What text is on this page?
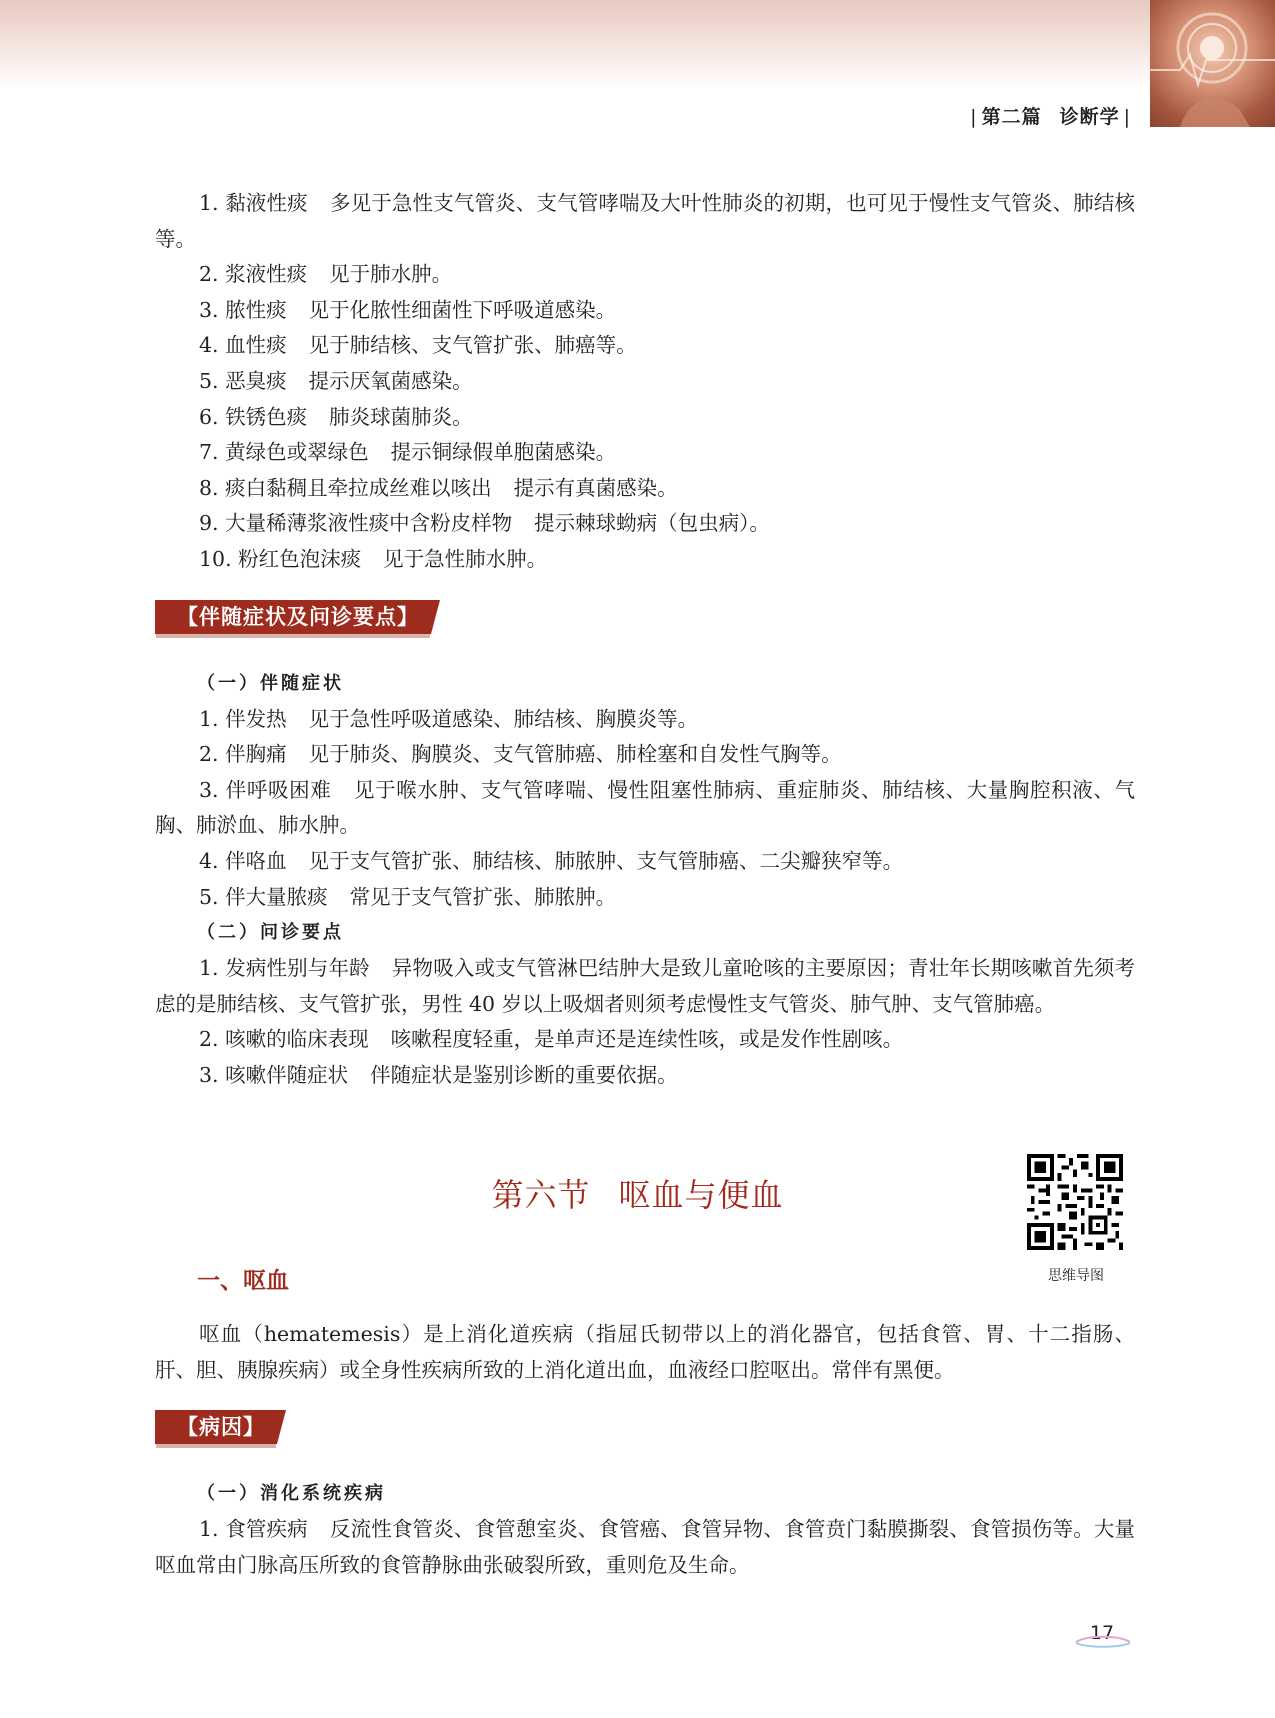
| 第二篇 诊断学 |

1. 黏液性痰 多见于急性支气管炎、支气管哮喘及大叶性肺炎的初期，也可见于慢性支气管炎、肺结核等。

2. 浆液性痰 见于肺水肿。

3. 脓性痰 见于化脓性细菌性下呼吸道感染。

4. 血性痰 见于肺结核、支气管扩张、肺癌等。

5. 恶臭痰 提示厌氧菌感染。

6. 铁锈色痰 肺炎球菌肺炎。

7. 黄绿色或翠绿色 提示铜绿假单胞菌感染。

8. 痰白黏稠且牵拉成丝难以咳出 提示有真菌感染。

9. 大量稀薄浆液性痰中含粉皮样物 提示棘球蚴病（包虫病）。

10. 粉红色泡沫痰 见于急性肺水肿。

【伴随症状及问诊要点】
（一）伴随症状

1. 伴发热 见于急性呼吸道感染、肺结核、胸膜炎等。

2. 伴胸痛 见于肺炎、胸膜炎、支气管肺癌、肺栓塞和自发性气胸等。

3. 伴呼吸困难 见于喉水肿、支气管哮喘、慢性阻塞性肺病、重症肺炎、肺结核、大量胸腔积液、气胸、肺淤血、肺水肿。

4. 伴咯血 见于支气管扩张、肺结核、肺脓肿、支气管肺癌、二尖瓣狭窄等。

5. 伴大量脓痰 常见于支气管扩张、肺脓肿。

（二）问诊要点

1. 发病性别与年龄 异物吸入或支气管淋巴结肿大是致儿童呛咳的主要原因；青壮年长期咳嗽首先须考虑的是肺结核、支气管扩张，男性 40 岁以上吸烟者则须考虑慢性支气管炎、肺气肿、支气管肺癌。

2. 咳嗽的临床表现 咳嗽程度轻重，是单声还是连续性咳，或是发作性剧咳。

3. 咳嗽伴随症状 伴随症状是鉴别诊断的重要依据。

第六节 呕血与便血
思维导图
一、呕血

呕血（hematemesis）是上消化道疾病（指屈氏韧带以上的消化器官，包括食管、胃、十二指肠、肝、胆、胰腺疾病）或全身性疾病所致的上消化道出血，血液经口腔呕出。常伴有黑便。

【病因】
（一）消化系统疾病

1. 食管疾病 反流性食管炎、食管憩室炎、食管癌、食管异物、食管贲门黏膜撕裂、食管损伤等。大量呕血常由门脉高压所致的食管静脉曲张破裂所致，重则危及生命。

17
